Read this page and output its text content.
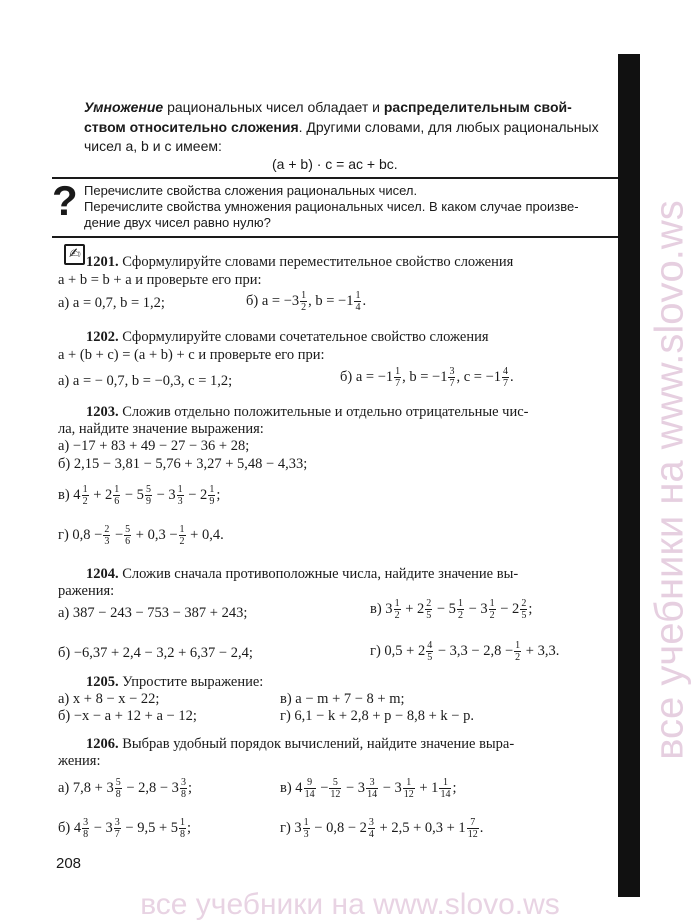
Умножение рациональных чисел обладает и распределительным свой-
ством относительно сложения. Другими словами, для любых рациональных
чисел a, b и c имеем:
(a + b) · c = ac + bc.
? Перечислите свойства сложения рациональных чисел.
Перечислите свойства умножения рациональных чисел. В каком случае произве-
дение двух чисел равно нулю?
✍
1201. Сформулируйте словами переместительное свойство сложения
a + b = b + a и проверьте его при:
а) a = 0,7, b = 1,2;	б) $a = -3 \frac{1}{2}$ , $b = -1 \frac{1}{4}$ .
1202. Сформулируйте словами сочетательное свойство сложения
a + (b + c) = (a + b) + c и проверьте его при:
а) a = − 0,7, b = −0,3, c = 1,2;	б) $a = -1 \frac{1}{7}$ , $b = -1 \frac{3}{7}$ , $c = -1 \frac{4}{7}$ .
1203. Сложив отдельно положительные и отдельно отрицательные чис-
ла, найдите значение выражения:
а) −17 + 83 + 49 − 27 − 36 + 28;
б) 2,15 − 3,81 − 5,76 + 3,27 + 5,48 − 4,33;
в) $4 \frac{1}{2} + 2 \frac{1}{6} - 5 \frac{5}{9} - 3 \frac{1}{3} - 2 \frac{1}{9}$ ;
г) $0,8 - \frac{2}{3} - \frac{5}{6} + 0,3 - \frac{1}{2} + 0,4$.
1204. Сложив сначала противоположные числа, найдите значение вы-
ражения:
а) 387 − 243 − 753 − 387 + 243;	в) $3 \frac{1}{2} + 2 \frac{2}{5} - 5 \frac{1}{2} - 3 \frac{1}{2} - 2 \frac{2}{5}$ ;
б) −6,37 + 2,4 − 3,2 + 6,37 − 2,4;	г) $0,5 + 2 \frac{4}{5} - 3,3 - 2,8 - \frac{1}{2} + 3,3$.
1205. Упростите выражение:
а) x + 8 − x − 22;	в) a − m + 7 − 8 + m;
б) −x − a + 12 + a − 12;	г) 6,1 − k + 2,8 + p − 8,8 + k − p.
1206. Выбрав удобный порядок вычислений, найдите значение выра-
жения:
а) $7,8 + 3 \frac{5}{8} - 2,8 - 3 \frac{3}{8}$ ;	в) $4 \frac{9}{14} - \frac{5}{12} - 3 \frac{3}{14} - 3 \frac{1}{12} + 1 \frac{1}{14}$ ;
б) $4 \frac{3}{8} - 3 \frac{3}{7} - 9,5 + 5 \frac{1}{8}$ ;	г) $3 \frac{1}{3} - 0,8 - 2 \frac{3}{4} + 2,5 + 0,3 + 1 \frac{7}{12}$ .
208
все учебники на www.slovo.ws
все учебники на www.slovo.ws
